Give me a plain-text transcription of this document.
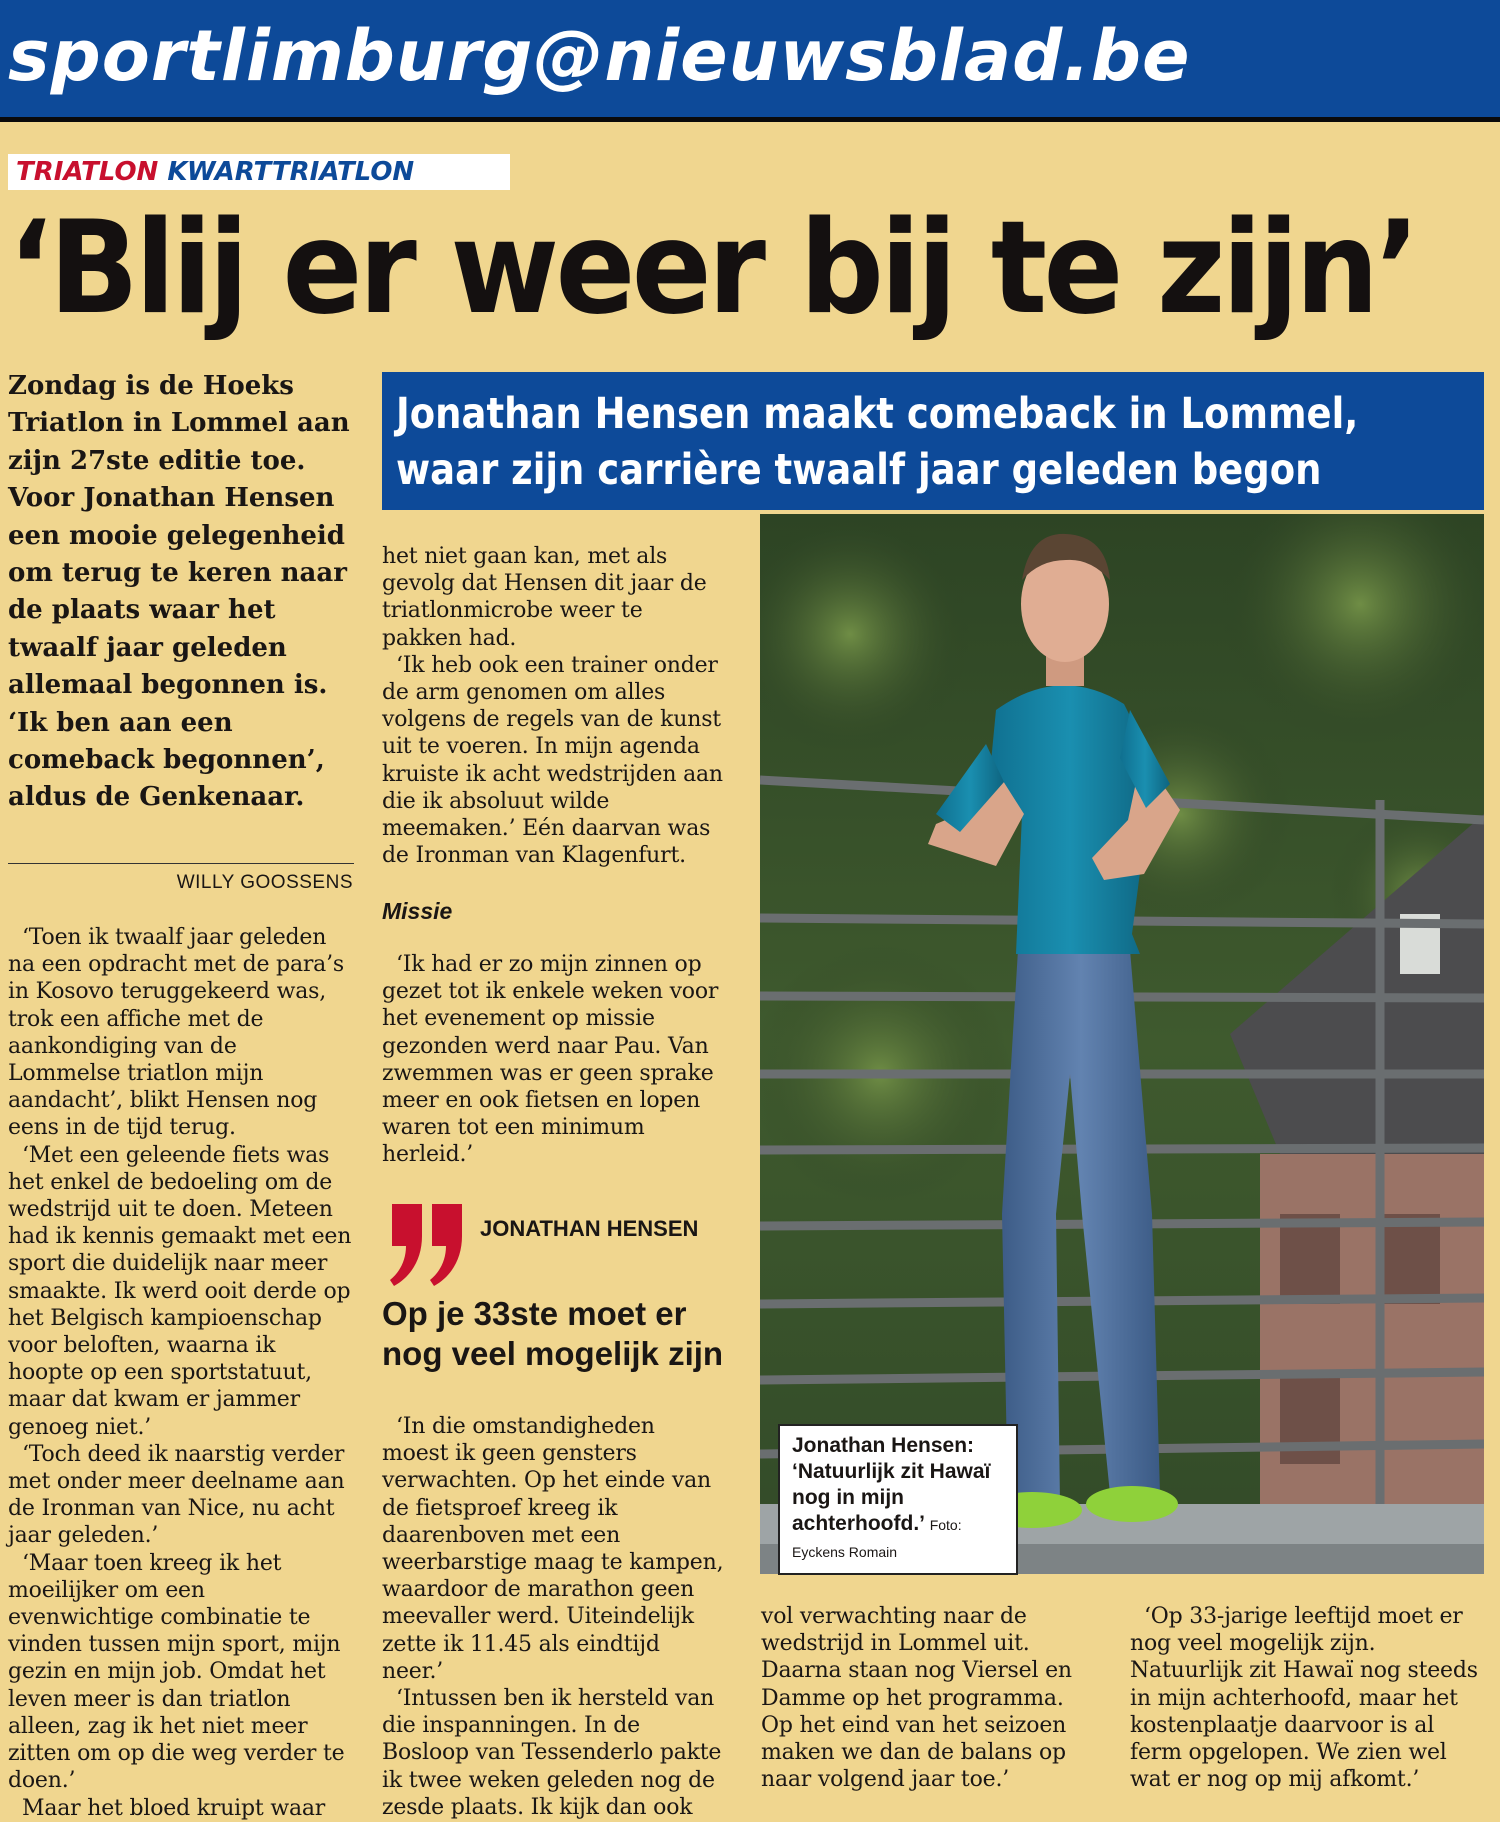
sportlimburg@nieuwsblad.be
TRIATLON KWARTTRIATLON
‘Blij er weer bij te zijn’

Zondag is de Hoeks Triatlon in Lommel aan zijn 27ste editie toe. Voor Jonathan Hensen een mooie gelegenheid om terug te keren naar de plaats waar het twaalf jaar geleden allemaal begonnen is. ‘Ik ben aan een comeback begonnen’, aldus de Genkenaar.

WILLY GOOSSENS

‘Toen ik twaalf jaar geleden na een opdracht met de para’s in Kosovo teruggekeerd was, trok een affiche met de aankondiging van de Lommelse triatlon mijn aandacht’, blikt Hensen nog eens in de tijd terug.

‘Met een geleende fiets was het enkel de bedoeling om de wedstrijd uit te doen. Meteen had ik kennis gemaakt met een sport die duidelijk naar meer smaakte. Ik werd ooit derde op het Belgisch kampioenschap voor beloften, waarna ik hoopte op een sportstatuut, maar dat kwam er jammer genoeg niet.’

‘Toch deed ik naarstig verder met onder meer deelname aan de Ironman van Nice, nu acht jaar geleden.’

‘Maar toen kreeg ik het moeilijker om een evenwichtige combinatie te vinden tussen mijn sport, mijn gezin en mijn job. Omdat het leven meer is dan triatlon alleen, zag ik het niet meer zitten om op die weg verder te doen.’

Maar het bloed kruipt waar

Jonathan Hensen maakt comeback in Lommel,
waar zijn carrière twaalf jaar geleden begon

het niet gaan kan, met als gevolg dat Hensen dit jaar de triatlonmicrobe weer te pakken had.

‘Ik heb ook een trainer onder de arm genomen om alles volgens de regels van de kunst uit te voeren. In mijn agenda kruiste ik acht wedstrijden aan die ik absoluut wilde meemaken.’ Eén daarvan was de Ironman van Klagenfurt.

Missie

‘Ik had er zo mijn zinnen op gezet tot ik enkele weken voor het evenement op missie gezonden werd naar Pau. Van zwemmen was er geen sprake meer en ook fietsen en lopen waren tot een minimum herleid.’

JONATHAN HENSEN

Op je 33ste moet er nog veel mogelijk zijn

‘In die omstandigheden moest ik geen gensters verwachten. Op het einde van de fietsproef kreeg ik daarenboven met een weerbarstige maag te kampen, waardoor de marathon geen meevaller werd. Uiteindelijk zette ik 11.45 als eindtijd neer.’

‘Intussen ben ik hersteld van die inspanningen. In de Bosloop van Tessenderlo pakte ik twee weken geleden nog de zesde plaats. Ik kijk dan ook

Jonathan Hensen:
‘Natuurlijk zit Hawaï nog in mijn achterhoofd.’ Foto: Eyckens Romain

vol verwachting naar de wedstrijd in Lommel uit. Daarna staan nog Viersel en Damme op het programma. Op het eind van het seizoen maken we dan de balans op naar volgend jaar toe.’

‘Op 33-jarige leeftijd moet er nog veel mogelijk zijn. Natuurlijk zit Hawaï nog steeds in mijn achterhoofd, maar het kostenplaatje daarvoor is al ferm opgelopen. We zien wel wat er nog op mij afkomt.’
